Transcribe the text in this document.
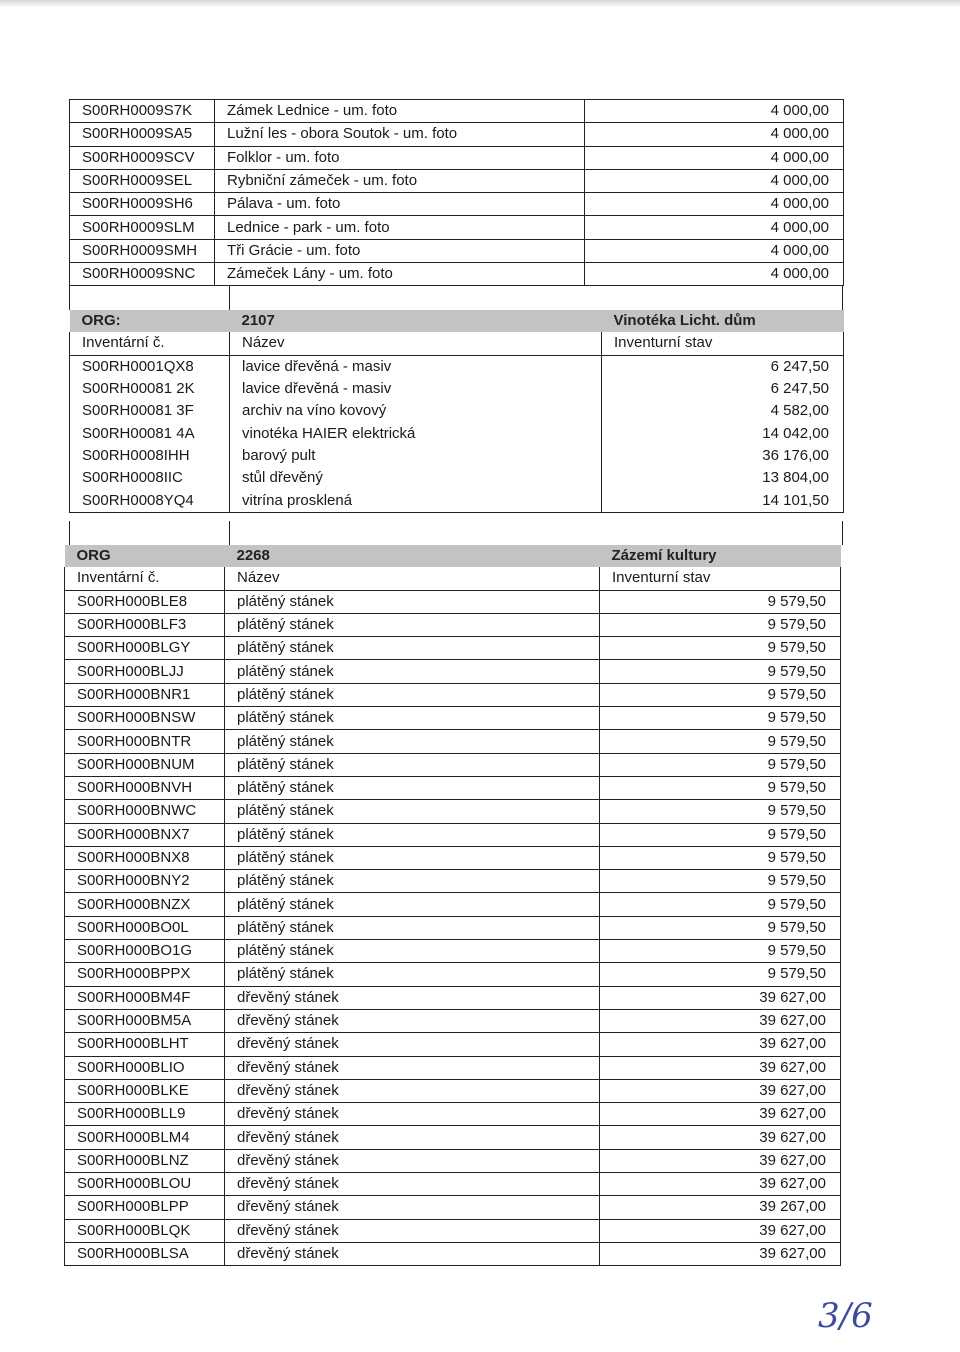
S00RH0009S7K	Zámek Lednice - um. foto	4 000,00
S00RH0009SA5	Lužní les - obora Soutok - um. foto	4 000,00
S00RH0009SCV	Folklor - um. foto	4 000,00
S00RH0009SEL	Rybniční zámeček - um. foto	4 000,00
S00RH0009SH6	Pálava - um. foto	4 000,00
S00RH0009SLM	Lednice - park - um. foto	4 000,00
S00RH0009SMH	Tři Grácie - um. foto	4 000,00
S00RH0009SNC	Zámeček Lány - um. foto	4 000,00
ORG:	2107	Vinotéka Licht. dům
Inventární č.	Název	Inventurní stav
S00RH0001QX8	lavice dřevěná - masiv	6 247,50
S00RH00081 2K	lavice dřevěná - masiv	6 247,50
S00RH00081 3F	archiv na víno kovový	4 582,00
S00RH00081 4A	vinotéka HAIER elektrická	14 042,00
S00RH0008IHH	barový pult	36 176,00
S00RH0008IIC	stůl dřevěný	13 804,00
S00RH0008YQ4	vitrína prosklená	14 101,50
ORG	2268	Zázemí kultury
Inventární č.	Název	Inventurní stav
S00RH000BLE8	plátěný stánek	9 579,50
S00RH000BLF3	plátěný stánek	9 579,50
S00RH000BLGY	plátěný stánek	9 579,50
S00RH000BLJJ	plátěný stánek	9 579,50
S00RH000BNR1	plátěný stánek	9 579,50
S00RH000BNSW	plátěný stánek	9 579,50
S00RH000BNTR	plátěný stánek	9 579,50
S00RH000BNUM	plátěný stánek	9 579,50
S00RH000BNVH	plátěný stánek	9 579,50
S00RH000BNWC	plátěný stánek	9 579,50
S00RH000BNX7	plátěný stánek	9 579,50
S00RH000BNX8	plátěný stánek	9 579,50
S00RH000BNY2	plátěný stánek	9 579,50
S00RH000BNZX	plátěný stánek	9 579,50
S00RH000BO0L	plátěný stánek	9 579,50
S00RH000BO1G	plátěný stánek	9 579,50
S00RH000BPPX	plátěný stánek	9 579,50
S00RH000BM4F	dřevěný stánek	39 627,00
S00RH000BM5A	dřevěný stánek	39 627,00
S00RH000BLHT	dřevěný stánek	39 627,00
S00RH000BLIO	dřevěný stánek	39 627,00
S00RH000BLKE	dřevěný stánek	39 627,00
S00RH000BLL9	dřevěný stánek	39 627,00
S00RH000BLM4	dřevěný stánek	39 627,00
S00RH000BLNZ	dřevěný stánek	39 627,00
S00RH000BLOU	dřevěný stánek	39 627,00
S00RH000BLPP	dřevěný stánek	39 267,00
S00RH000BLQK	dřevěný stánek	39 627,00
S00RH000BLSA	dřevěný stánek	39 627,00
3/6
